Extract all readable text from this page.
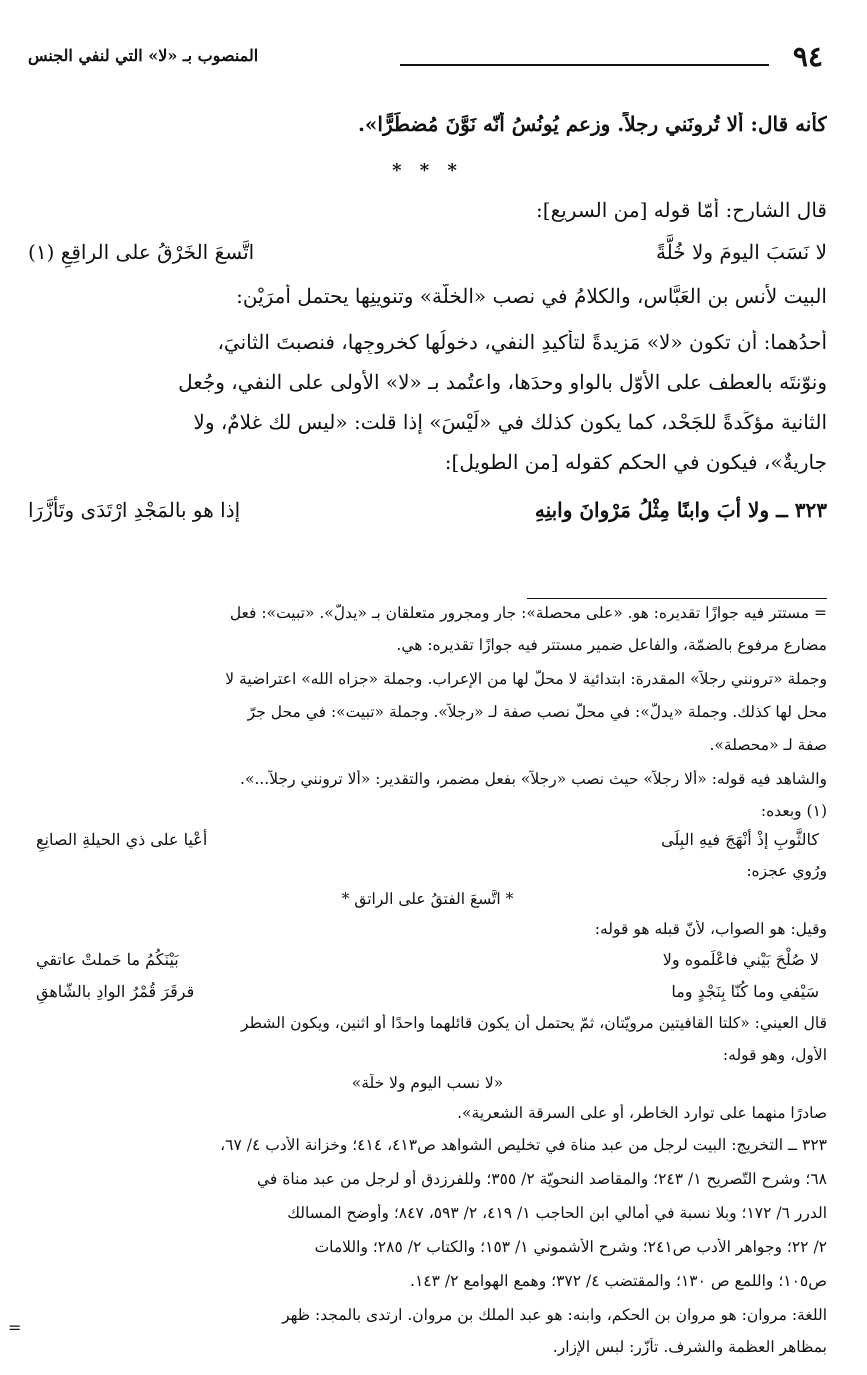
٩٤
المنصوب بـ «لا» التي لنفي الجنس
كأنه قال: ألا تُرونَني رجلاً. وزعم يُونُسُ أنّه نَوَّنَ مُضطَرًّا».
* * *
قال الشارح: أمّا قوله [من السريع]:
لا نَسَبَ اليومَ ولا خُلَّةً
اتَّسعَ الخَرْقُ على الراقِعِ (١)
البيت لأنسِ بن العَبَّاس، والكلامُ في نصب «الخلّة» وتنوينِها يحتمل أمرَيْن:
أحدُهما: أن تكون «لا» مَزيدةً لتأكيدِ النفي، دخولُها كخروجِها، فنصبتَ الثانيَ،
ونوّنتَه بالعطف على الأوّل بالواو وحدَها، واعتُمد بـ «لا» الأُولى على النفي، وجُعل
الثانية مؤكِّدةً للجَحْد، كما يكون كذلك في «لَيْسَ» إذا قلت: «ليس لك غلامٌ، ولا
جاريةٌ»، فيكون في الحكم كقوله [من الطويل]:
٣٢٣ ــ ولا أبَ وابنًا مِثْلُ مَرْوانَ وابنِهِ
إذا هو بالمَجْدِ ارْتَدَى وتَأزَّرَا
= مستتر فيه جوازًا تقديره: هو. «على محصلة»: جار ومجرور متعلقان بـ «يدلّ». «تبيت»: فعل
مضارع مرفوع بالضمّة، والفاعل ضمير مستتر فيه جوازًا تقديره: هي.
وجملة «ترونني رجلاً» المقدرة: ابتدائية لا محلّ لها من الإعراب. وجملة «جزاه الله» اعتراضية لا
محل لها كذلك. وجملة «يدلّ»: في محلّ نصب صفة لـ «رجلاً». وجملة «تبيت»: في محل جرّ
صفة لـ «محصلة».
والشاهد فيه قوله: «ألا رجلاً» حيث نصب «رجلاً» بفعل مضمر، والتقدير: «ألا ترونني رجلاً...».
(١) وبعده:
كالثَّوبِ إذْ أنْهَجَ فيهِ البِلَى
أعْيا على ذي الحيلةِ الصانِعِ
ورُوي عجزه:
* اتَّسعَ الفتقُ على الراتقِ *
وقيل: هو الصواب، لأنّ قبله هو قوله:
لا صُلْحَ بَيْني فاعْلَموه ولا
بَيْنَكُمُ ما حَملتْ عاتقي
سَيْفي وما كُنّا بِنَجْدٍ وما
قرقَرَ قُمْرُ الوادِ بالشّاهقِ
قال العيني: «كلتا القافيتين مرويّتان، ثمّ يحتمل أن يكون قائلهما واحدًا أو اثنين، ويكون الشطر
الأول، وهو قوله:
«لا نسب اليوم ولا خلّة»
صادرًا منهما على توارد الخاطر، أو على السرقة الشعرية».
٣٢٣ ــ التخريج: البيت لرجل من عبد مناة في تخليص الشواهد ص٤١٣، ٤١٤؛ وخزانة الأدب ٤/ ٦٧،
٦٨؛ وشرح التّصريح ١/ ٢٤٣؛ والمقاصد النحويّة ٢/ ٣٥٥؛ وللفرزدق أو لرجل من عبد مناة في
الدرر ٦/ ١٧٢؛ وبلا نسبة في أمالي ابن الحاجب ١/ ٤١٩، ٢/ ٥٩٣، ٨٤٧؛ وأوضح المسالك
٢/ ٢٢؛ وجواهر الأدب ص٢٤١؛ وشرح الأشموني ١/ ١٥٣؛ والكتاب ٢/ ٢٨٥؛ واللامات
ص١٠٥؛ واللمع ص ١٣٠؛ والمقتضب ٤/ ٣٧٢؛ وهمع الهوامع ٢/ ١٤٣.
اللغة: مروان: هو مروان بن الحكم، وابنه: هو عبد الملك بن مروان. ارتدى بالمجد: ظهر
بمظاهر العظمة والشرف. تأزّر: لبس الإزار.
=
